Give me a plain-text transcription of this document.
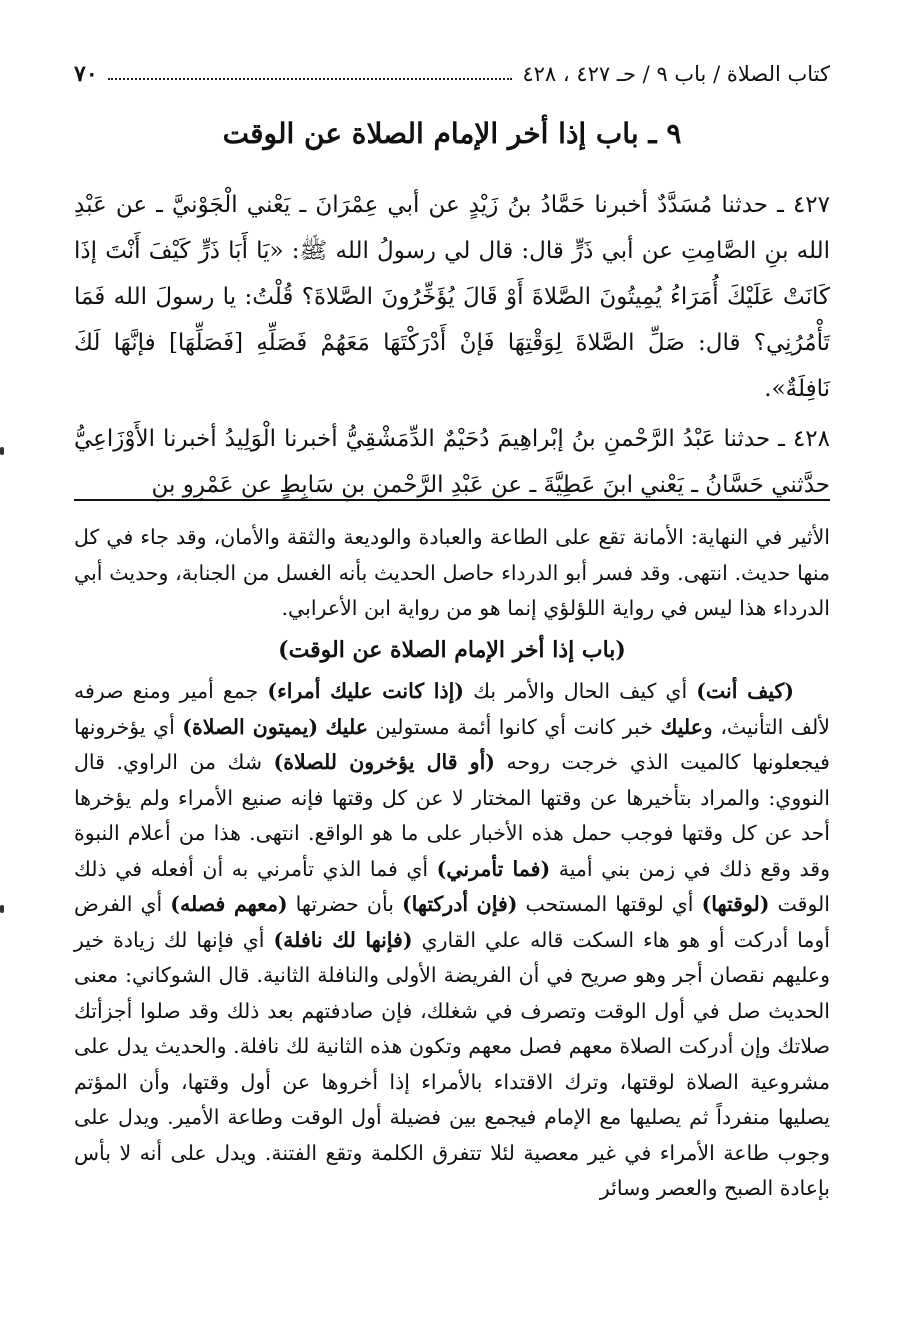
كتاب الصلاة / باب ٩ / حـ ٤٢٧ ، ٤٢٨
٧٠
٩ ـ باب إذا أخر الإمام الصلاة عن الوقت

٤٢٧ ـ حدثنا مُسَدَّدٌ أخبرنا حَمَّادُ بنُ زَيْدٍ عن أبي عِمْرَانَ ـ يَعْني الْجَوْنيَّ ـ عن عَبْدِ الله بنِ الصَّامِتِ عن أبي ذَرٍّ قال: قال لي رسولُ الله ﷺ: «يَا أَبَا ذَرٍّ كَيْفَ أَنْتَ إذَا كَانَتْ عَلَيْكَ أُمَرَاءُ يُمِيتُونَ الصَّلاةَ أَوْ قَالَ يُؤَخِّرُونَ الصَّلاةَ؟ قُلْتُ: يا رسولَ الله فَمَا تَأْمُرُنِي؟ قال: صَلِّ الصَّلاةَ لِوَقْتِهَا فَإنْ أَدْرَكْتَهَا مَعَهُمْ فَصَلِّهِ [فَصَلِّهَا] فإنَّهَا لَكَ نَافِلَةٌ».

٤٢٨ ـ حدثنا عَبْدُ الرَّحْمنِ بنُ إبْراهِيمَ دُحَيْمٌ الدِّمَشْقِيُّ أخبرنا الْوَلِيدُ أخبرنا الأَوْزَاعِيُّ حدَّثني حَسَّانُ ـ يَعْني ابنَ عَطِيَّةَ ـ عن عَبْدِ الرَّحْمنِ بنِ سَابِطٍ عن عَمْرِو بنِ

الأثير في النهاية: الأمانة تقع على الطاعة والعبادة والوديعة والثقة والأمان، وقد جاء في كل منها حديث. انتهى. وقد فسر أبو الدرداء حاصل الحديث بأنه الغسل من الجنابة، وحديث أبي الدرداء هذا ليس في رواية اللؤلؤي إنما هو من رواية ابن الأعرابي.

(باب إذا أخر الإمام الصلاة عن الوقت)

(كيف أنت) أي كيف الحال والأمر بك (إذا كانت عليك أمراء) جمع أمير ومنع صرفه لألف التأنيث، وعليك خبر كانت أي كانوا أئمة مستولين عليك (يميتون الصلاة) أي يؤخرونها فيجعلونها كالميت الذي خرجت روحه (أو قال يؤخرون للصلاة) شك من الراوي. قال النووي: والمراد بتأخيرها عن وقتها المختار لا عن كل وقتها فإنه صنيع الأمراء ولم يؤخرها أحد عن كل وقتها فوجب حمل هذه الأخبار على ما هو الواقع. انتهى. هذا من أعلام النبوة وقد وقع ذلك في زمن بني أمية (فما تأمرني) أي فما الذي تأمرني به أن أفعله في ذلك الوقت (لوقتها) أي لوقتها المستحب (فإن أدركتها) بأن حضرتها (معهم فصله) أي الفرض أوما أدركت أو هو هاء السكت قاله علي القاري (فإنها لك نافلة) أي فإنها لك زيادة خير وعليهم نقصان أجر وهو صريح في أن الفريضة الأولى والنافلة الثانية. قال الشوكاني: معنى الحديث صل في أول الوقت وتصرف في شغلك، فإن صادفتهم بعد ذلك وقد صلوا أجزأتك صلاتك وإن أدركت الصلاة معهم فصل معهم وتكون هذه الثانية لك نافلة. والحديث يدل على مشروعية الصلاة لوقتها، وترك الاقتداء بالأمراء إذا أخروها عن أول وقتها، وأن المؤتم يصليها منفرداً ثم يصليها مع الإمام فيجمع بين فضيلة أول الوقت وطاعة الأمير. ويدل على وجوب طاعة الأمراء في غير معصية لئلا تتفرق الكلمة وتقع الفتنة. ويدل على أنه لا بأس بإعادة الصبح والعصر وسائر
